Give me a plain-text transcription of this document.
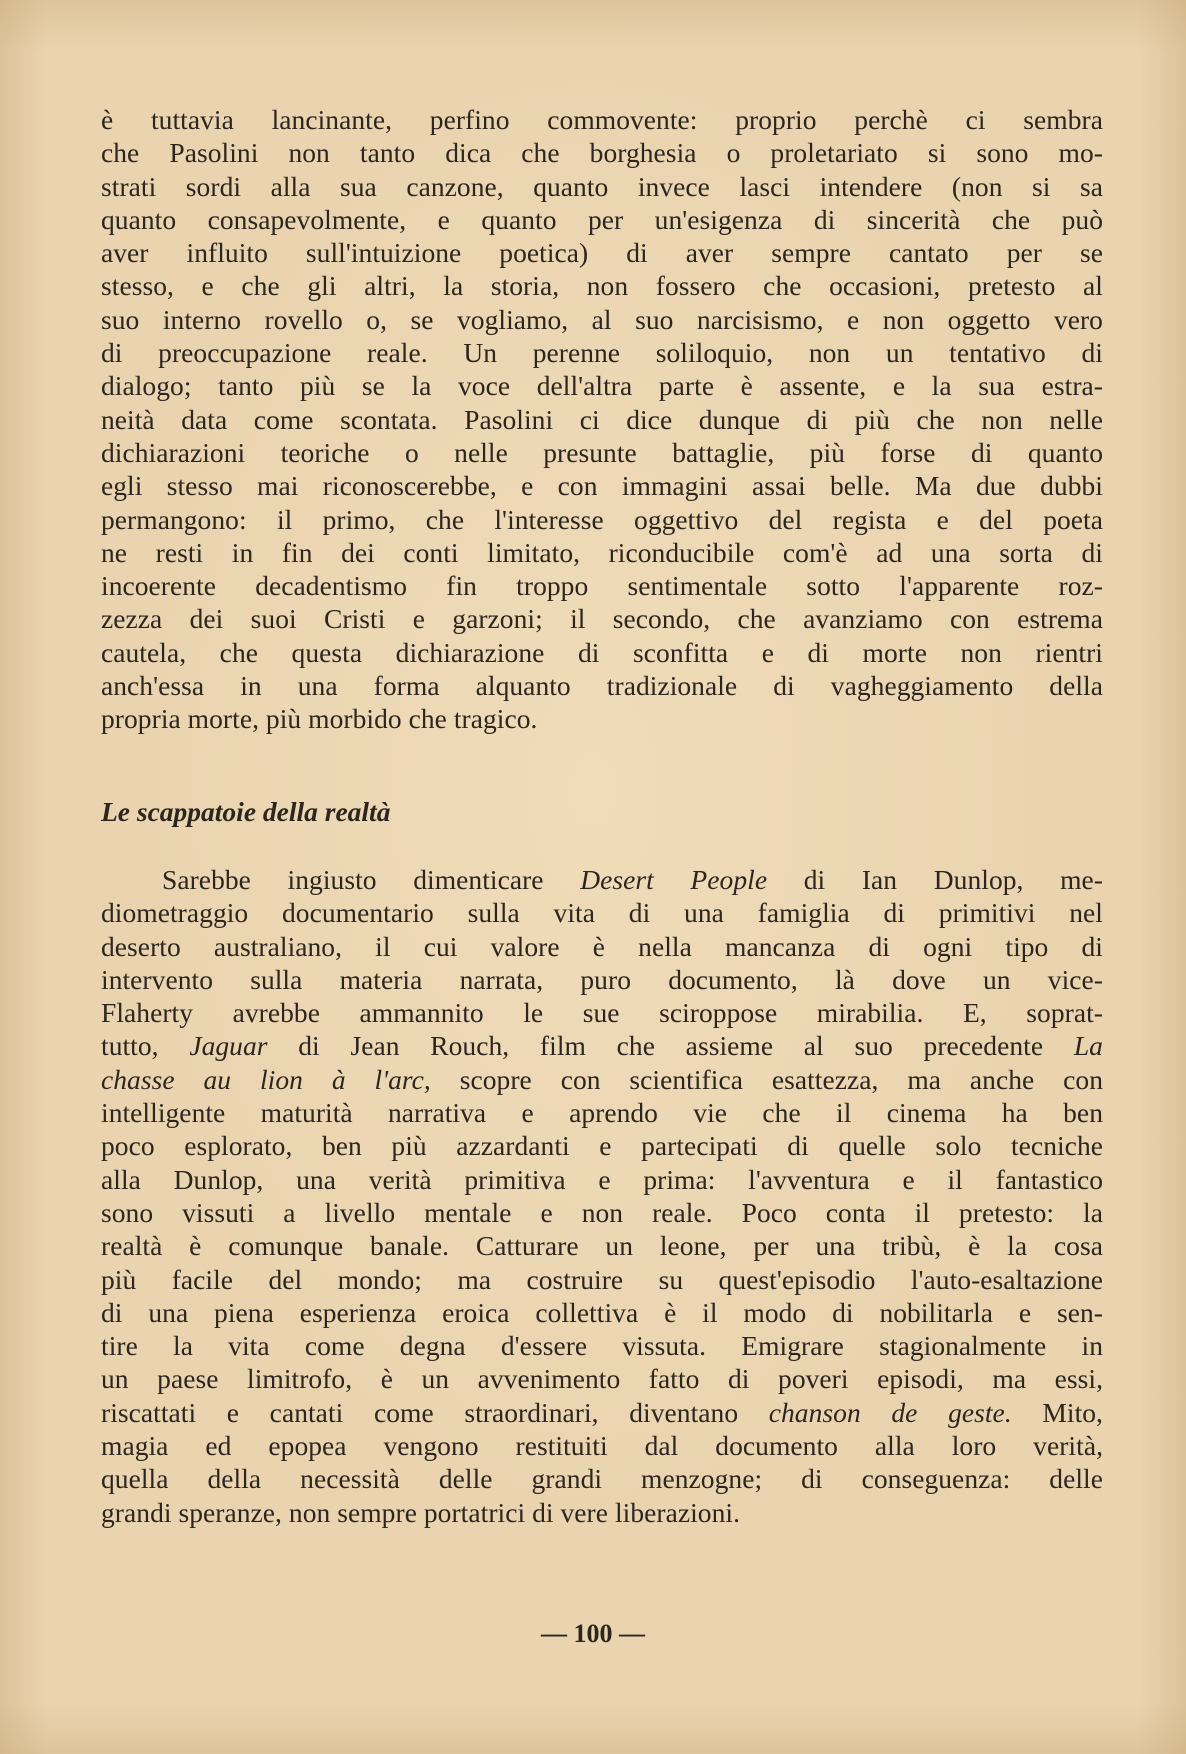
è tuttavia lancinante, perfino commovente: proprio perchè ci sembra
che Pasolini non tanto dica che borghesia o proletariato si sono mo-
strati sordi alla sua canzone, quanto invece lasci intendere (non si sa
quanto consapevolmente, e quanto per un'esigenza di sincerità che può
aver influito sull'intuizione poetica) di aver sempre cantato per se
stesso, e che gli altri, la storia, non fossero che occasioni, pretesto al
suo interno rovello o, se vogliamo, al suo narcisismo, e non oggetto vero
di preoccupazione reale. Un perenne soliloquio, non un tentativo di
dialogo; tanto più se la voce dell'altra parte è assente, e la sua estra-
neità data come scontata. Pasolini ci dice dunque di più che non nelle
dichiarazioni teoriche o nelle presunte battaglie, più forse di quanto
egli stesso mai riconoscerebbe, e con immagini assai belle. Ma due dubbi
permangono: il primo, che l'interesse oggettivo del regista e del poeta
ne resti in fin dei conti limitato, riconducibile com'è ad una sorta di
incoerente decadentismo fin troppo sentimentale sotto l'apparente roz-
zezza dei suoi Cristi e garzoni; il secondo, che avanziamo con estrema
cautela, che questa dichiarazione di sconfitta e di morte non rientri
anch'essa in una forma alquanto tradizionale di vagheggiamento della
propria morte, più morbido che tragico.

Le scappatoie della realtà

Sarebbe ingiusto dimenticare Desert People di Ian Dunlop, me-
diometraggio documentario sulla vita di una famiglia di primitivi nel
deserto australiano, il cui valore è nella mancanza di ogni tipo di
intervento sulla materia narrata, puro documento, là dove un vice-
Flaherty avrebbe ammannito le sue sciroppose mirabilia. E, soprat-
tutto, Jaguar di Jean Rouch, film che assieme al suo precedente La
chasse au lion à l'arc, scopre con scientifica esattezza, ma anche con
intelligente maturità narrativa e aprendo vie che il cinema ha ben
poco esplorato, ben più azzardanti e partecipati di quelle solo tecniche
alla Dunlop, una verità primitiva e prima: l'avventura e il fantastico
sono vissuti a livello mentale e non reale. Poco conta il pretesto: la
realtà è comunque banale. Catturare un leone, per una tribù, è la cosa
più facile del mondo; ma costruire su quest'episodio l'auto-esaltazione
di una piena esperienza eroica collettiva è il modo di nobilitarla e sen-
tire la vita come degna d'essere vissuta. Emigrare stagionalmente in
un paese limitrofo, è un avvenimento fatto di poveri episodi, ma essi,
riscattati e cantati come straordinari, diventano chanson de geste. Mito,
magia ed epopea vengono restituiti dal documento alla loro verità,
quella della necessità delle grandi menzogne; di conseguenza: delle
grandi speranze, non sempre portatrici di vere liberazioni.

— 100 —
